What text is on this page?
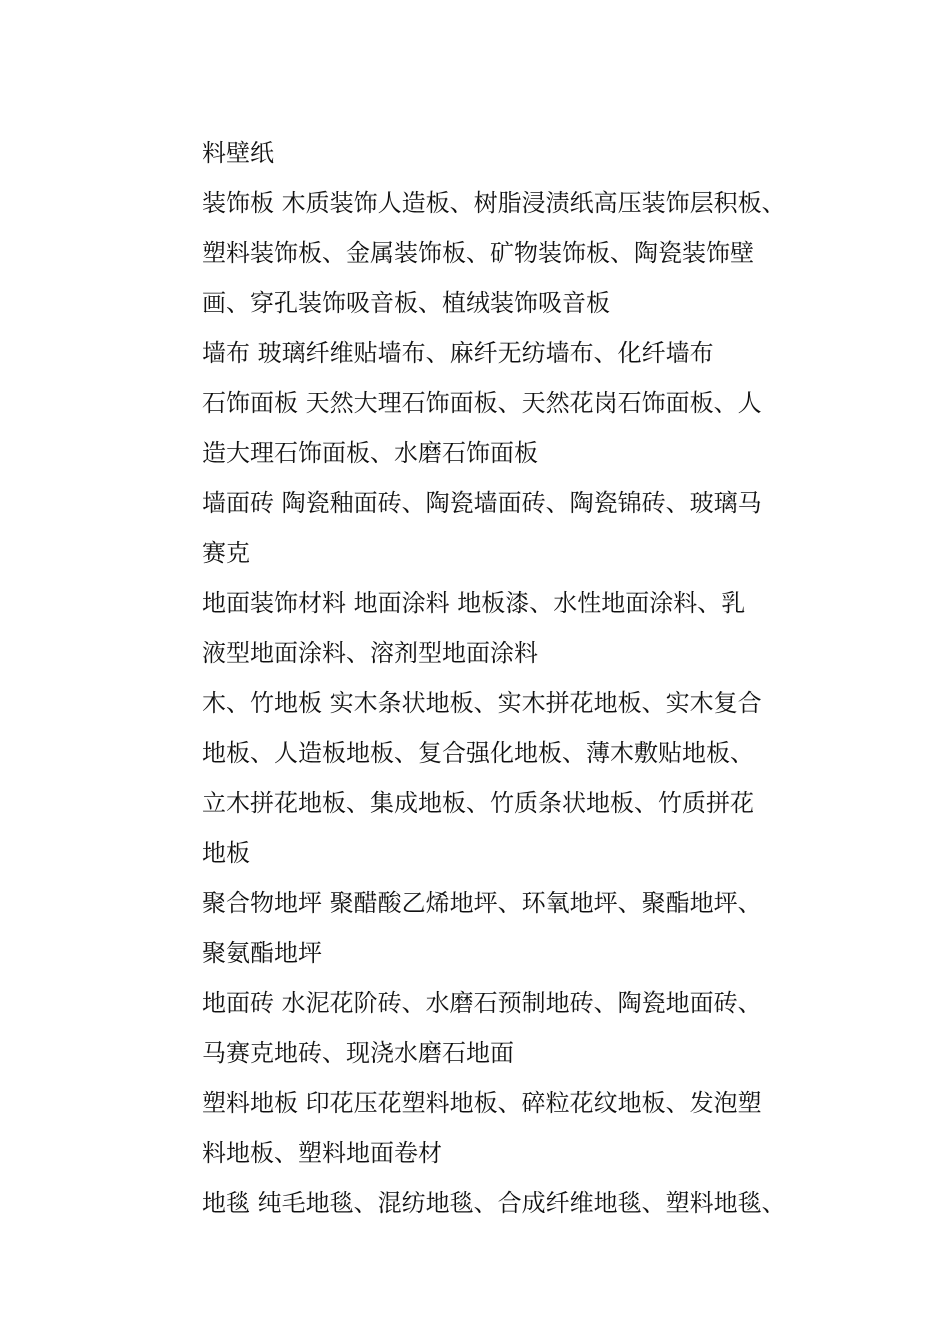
料壁纸
装饰板 木质装饰人造板、树脂浸渍纸高压装饰层积板、
塑料装饰板、金属装饰板、矿物装饰板、陶瓷装饰壁
画、穿孔装饰吸音板、植绒装饰吸音板
墙布 玻璃纤维贴墙布、麻纤无纺墙布、化纤墙布
石饰面板 天然大理石饰面板、天然花岗石饰面板、人
造大理石饰面板、水磨石饰面板
墙面砖 陶瓷釉面砖、陶瓷墙面砖、陶瓷锦砖、玻璃马
赛克
地面装饰材料 地面涂料 地板漆、水性地面涂料、乳
液型地面涂料、溶剂型地面涂料
木、竹地板 实木条状地板、实木拼花地板、实木复合
地板、人造板地板、复合强化地板、薄木敷贴地板、
立木拼花地板、集成地板、竹质条状地板、竹质拼花
地板
聚合物地坪 聚醋酸乙烯地坪、环氧地坪、聚酯地坪、
聚氨酯地坪
地面砖 水泥花阶砖、水磨石预制地砖、陶瓷地面砖、
马赛克地砖、现浇水磨石地面
塑料地板 印花压花塑料地板、碎粒花纹地板、发泡塑
料地板、塑料地面卷材
地毯 纯毛地毯、混纺地毯、合成纤维地毯、塑料地毯、
